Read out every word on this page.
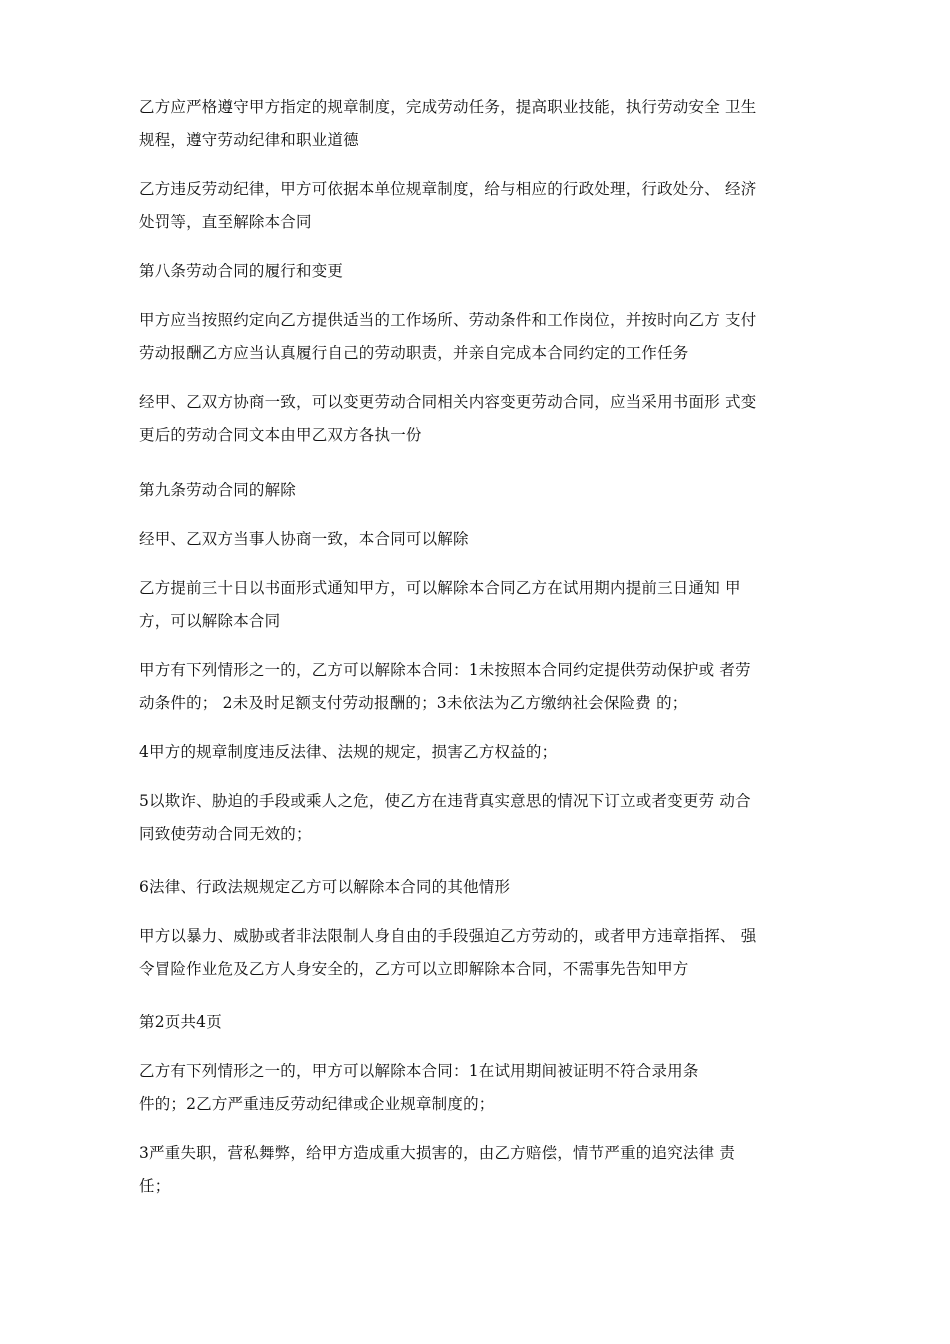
乙方应严格遵守甲方指定的规章制度，完成劳动任务，提高职业技能，执行劳动安全 卫生
规程，遵守劳动纪律和职业道德

乙方违反劳动纪律，甲方可依据本单位规章制度，给与相应的行政处理，行政处分、 经济
处罚等，直至解除本合同

第八条劳动合同的履行和变更

甲方应当按照约定向乙方提供适当的工作场所、劳动条件和工作岗位，并按时向乙方 支付
劳动报酬乙方应当认真履行自己的劳动职责，并亲自完成本合同约定的工作任务

经甲、乙双方协商一致，可以变更劳动合同相关内容变更劳动合同，应当采用书面形 式变
更后的劳动合同文本由甲乙双方各执一份

第九条劳动合同的解除

经甲、乙双方当事人协商一致，本合同可以解除

乙方提前三十日以书面形式通知甲方，可以解除本合同乙方在试用期内提前三日通知 甲
方，可以解除本合同

甲方有下列情形之一的，乙方可以解除本合同：1未按照本合同约定提供劳动保护或 者劳
动条件的； 2未及时足额支付劳动报酬的；3未依法为乙方缴纳社会保险费 的；

4甲方的规章制度违反法律、法规的规定，损害乙方权益的；

5以欺诈、胁迫的手段或乘人之危，使乙方在违背真实意思的情况下订立或者变更劳 动合
同致使劳动合同无效的；

6法律、行政法规规定乙方可以解除本合同的其他情形

甲方以暴力、威胁或者非法限制人身自由的手段强迫乙方劳动的，或者甲方违章指挥、 强
令冒险作业危及乙方人身安全的，乙方可以立即解除本合同，不需事先告知甲方

第2页共4页

乙方有下列情形之一的，甲方可以解除本合同：1在试用期间被证明不符合录用条
件的；2乙方严重违反劳动纪律或企业规章制度的；

3严重失职，营私舞弊，给甲方造成重大损害的，由乙方赔偿，情节严重的追究法律 责
任；
